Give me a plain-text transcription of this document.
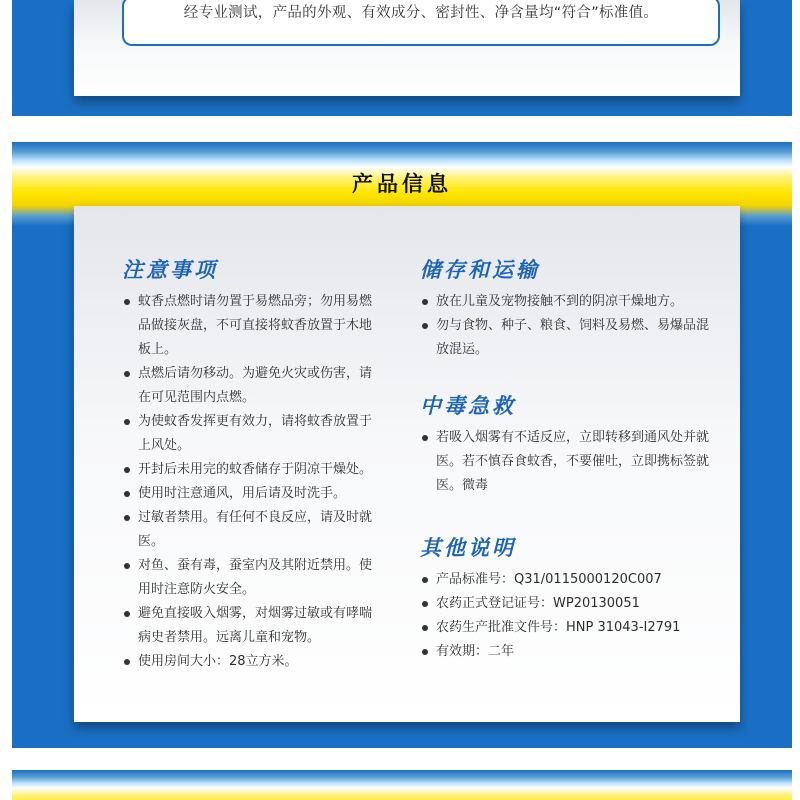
经专业测试，产品的外观、有效成分、密封性、净含量均“符合”标准值。
产品信息
注意事项
蚊香点燃时请勿置于易燃品旁；勿用易燃品做接灰盘，不可直接将蚊香放置于木地板上。
点燃后请勿移动。为避免火灾或伤害，请在可见范围内点燃。
为使蚊香发挥更有效力，请将蚊香放置于上风处。
开封后未用完的蚊香储存于阴凉干燥处。
使用时注意通风，用后请及时洗手。
过敏者禁用。有任何不良反应，请及时就医。
对鱼、蚕有毒，蚕室内及其附近禁用。使用时注意防火安全。
避免直接吸入烟雾，对烟雾过敏或有哮喘病史者禁用。远离儿童和宠物。
使用房间大小：28立方米。
储存和运输
放在儿童及宠物接触不到的阴凉干燥地方。
勿与食物、种子、粮食、饲料及易燃、易爆品混放混运。
中毒急救
若吸入烟雾有不适反应，立即转移到通风处并就医。若不慎吞食蚊香，不要催吐，立即携标签就医。微毒
其他说明
产品标准号：Q31/0115000120C007
农药正式登记证号：WP20130051
农药生产批准文件号：HNP 31043-I2791
有效期：二年
